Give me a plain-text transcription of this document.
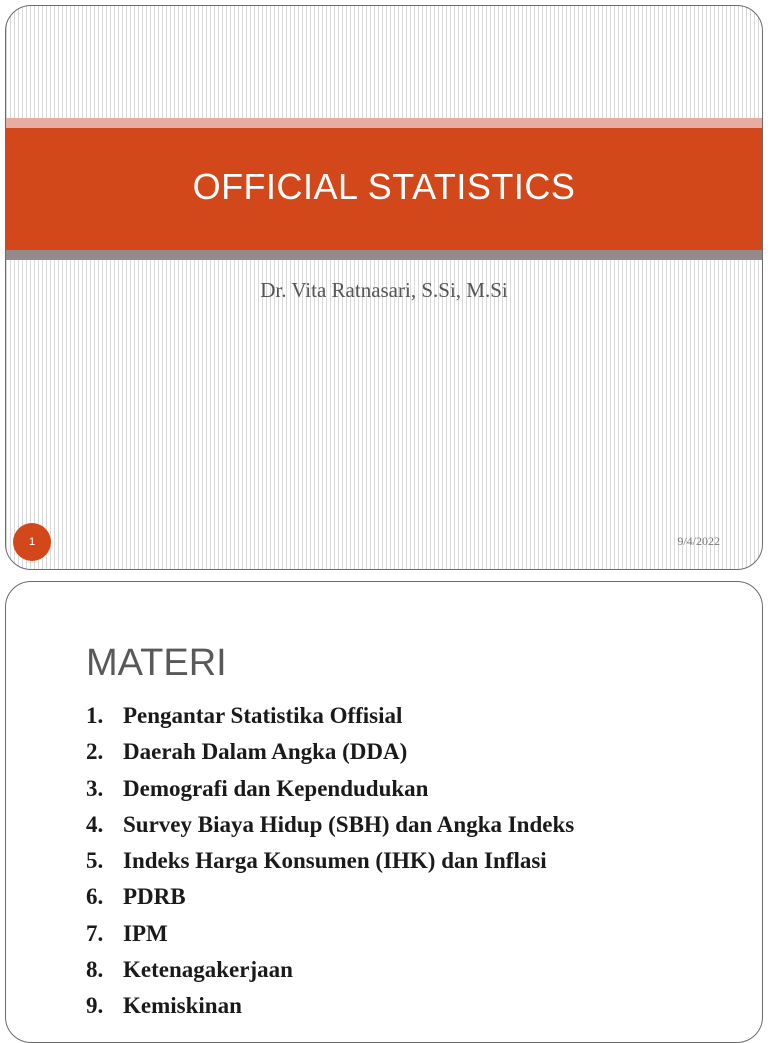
OFFICIAL STATISTICS

Dr. Vita Ratnasari, S.Si, M.Si

1	9/4/2022
MATERI
1. Pengantar Statistika Offisial
2. Daerah Dalam Angka (DDA)
3. Demografi dan Kependudukan
4. Survey Biaya Hidup (SBH) dan Angka Indeks
5. Indeks Harga Konsumen (IHK) dan Inflasi
6. PDRB
7. IPM
8. Ketenagakerjaan
9. Kemiskinan
